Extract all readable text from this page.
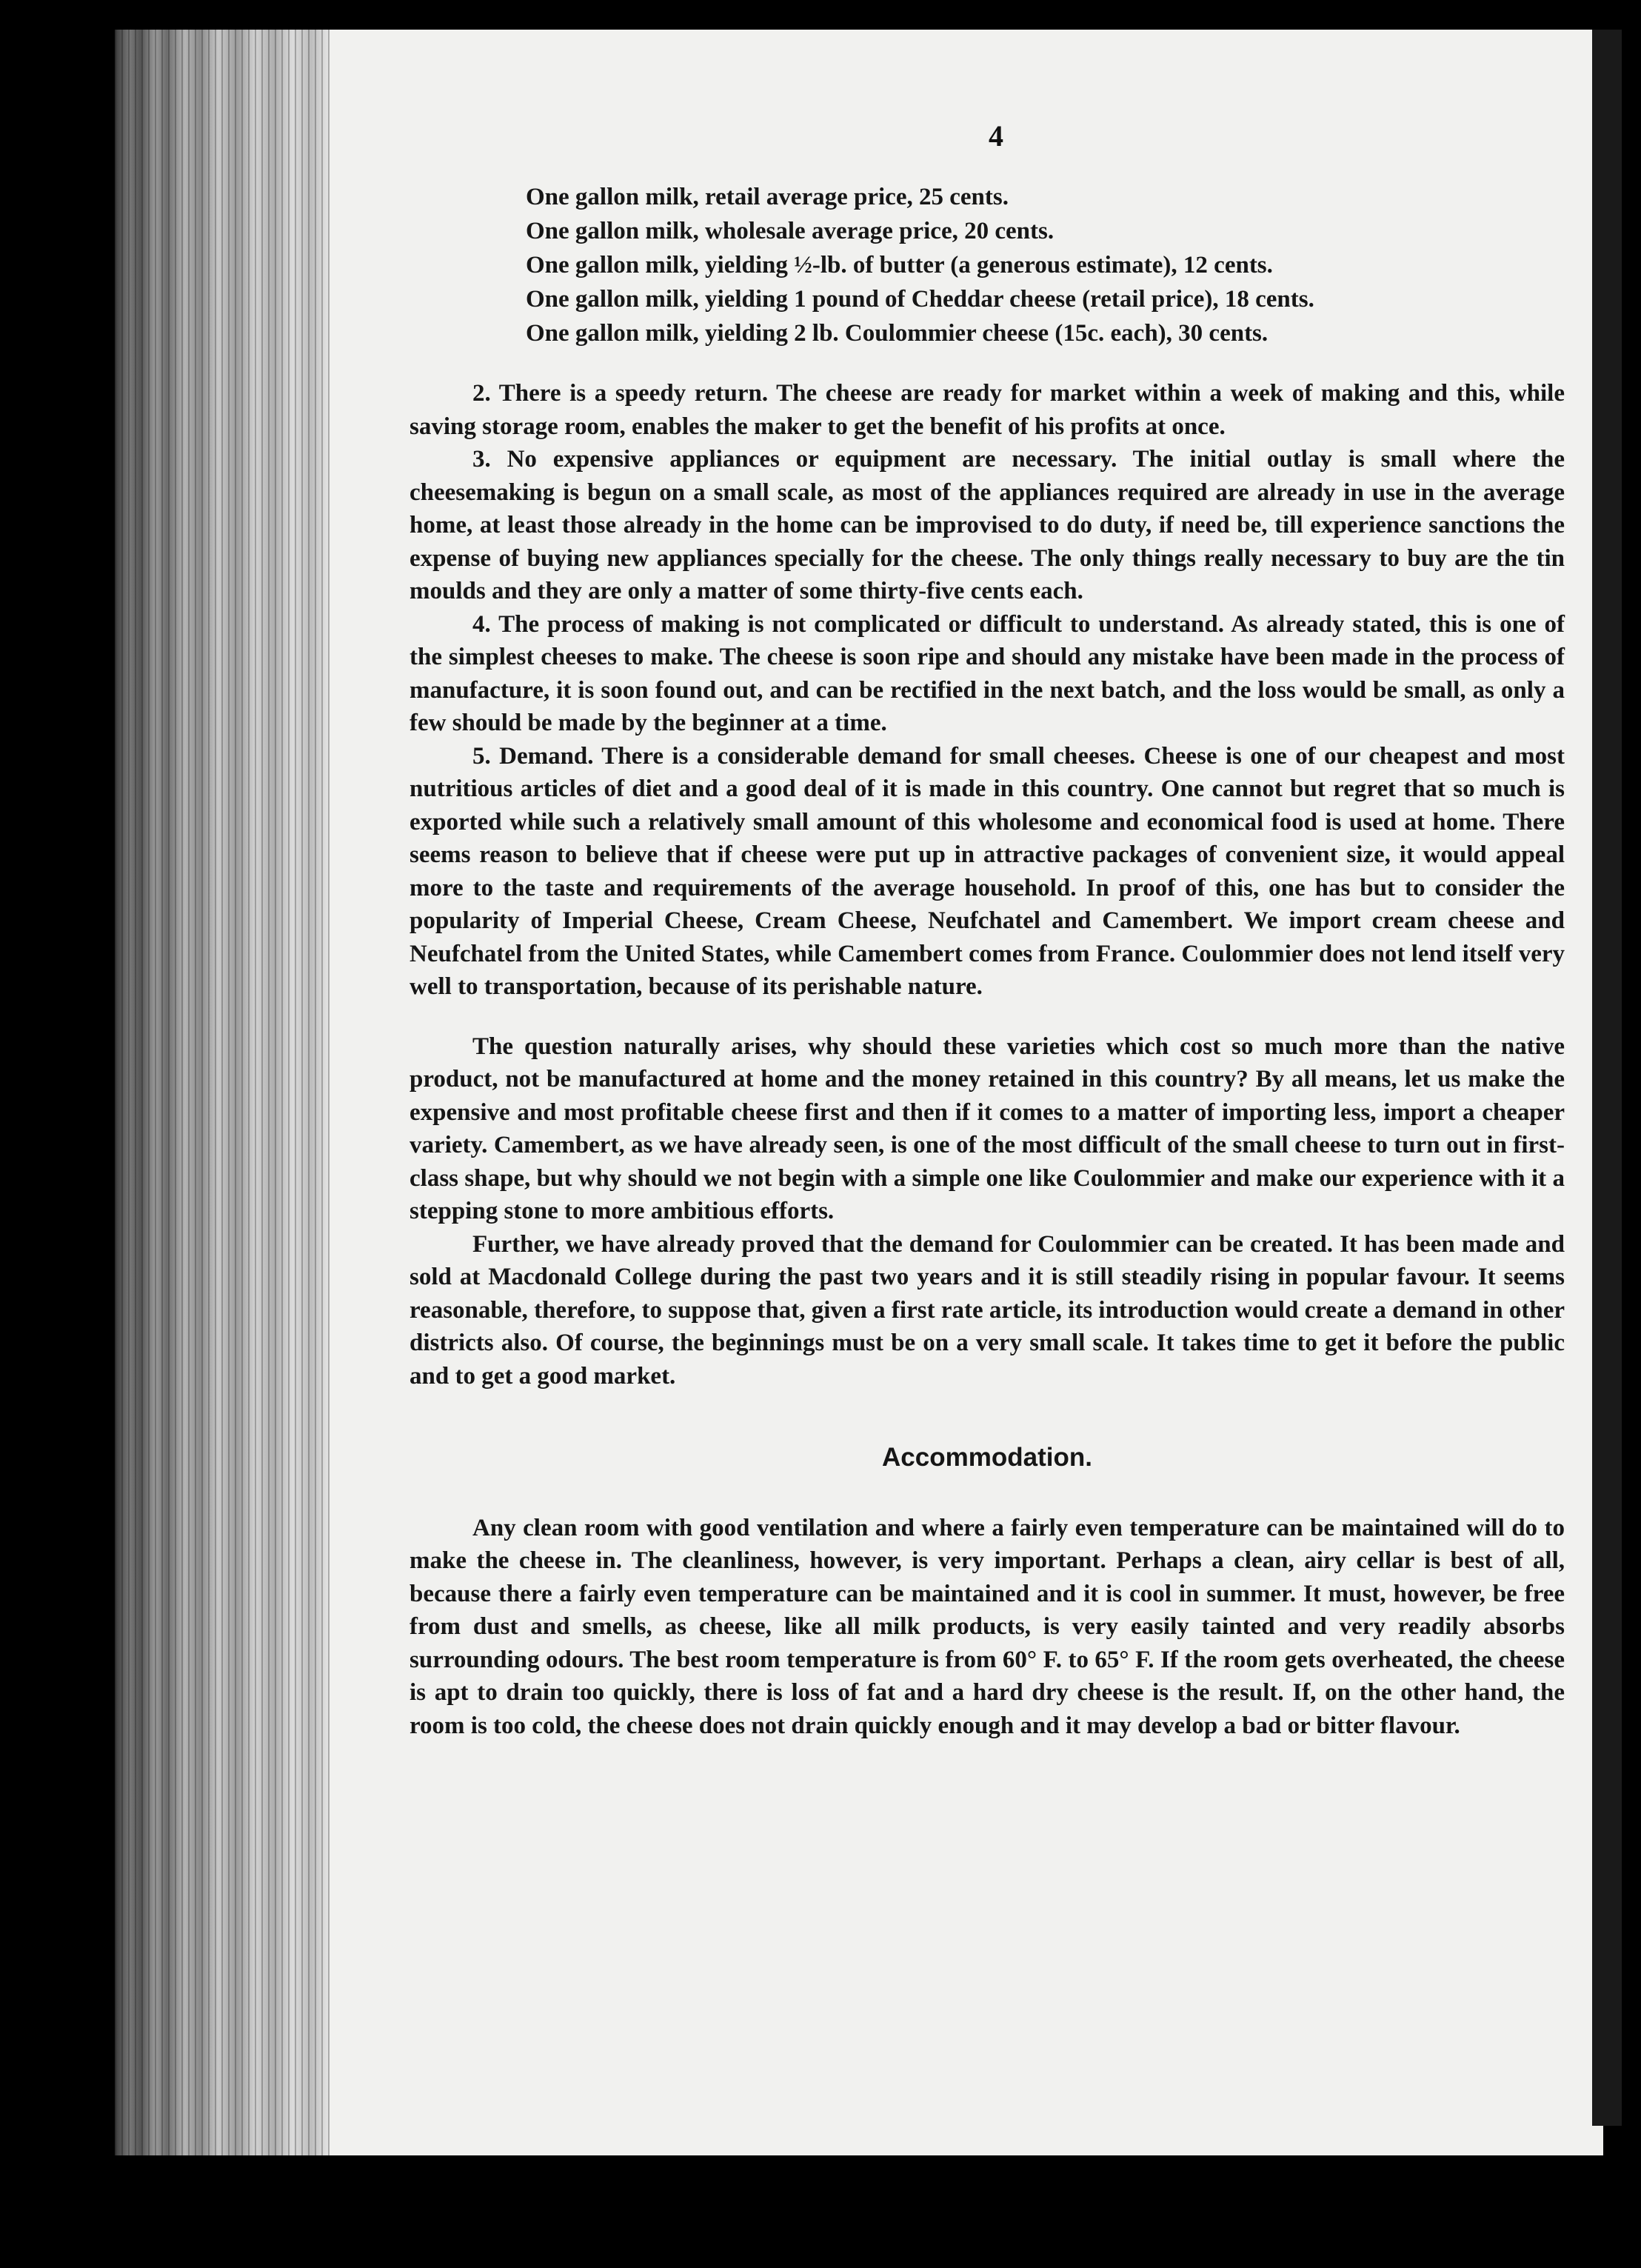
4
One gallon milk, retail average price, 25 cents.
One gallon milk, wholesale average price, 20 cents.
One gallon milk, yielding ½-lb. of butter (a generous estimate), 12 cents.
One gallon milk, yielding 1 pound of Cheddar cheese (retail price), 18 cents.
One gallon milk, yielding 2 lb. Coulommier cheese (15c. each), 30 cents.

2. There is a speedy return. The cheese are ready for market within a week of making and this, while saving storage room, enables the maker to get the benefit of his profits at once.

3. No expensive appliances or equipment are necessary. The initial outlay is small where the cheesemaking is begun on a small scale, as most of the appliances required are already in use in the average home, at least those already in the home can be improvised to do duty, if need be, till experience sanctions the expense of buying new appliances specially for the cheese. The only things really necessary to buy are the tin moulds and they are only a matter of some thirty-five cents each.

4. The process of making is not complicated or difficult to understand. As already stated, this is one of the simplest cheeses to make. The cheese is soon ripe and should any mistake have been made in the process of manufacture, it is soon found out, and can be rectified in the next batch, and the loss would be small, as only a few should be made by the beginner at a time.

5. Demand. There is a considerable demand for small cheeses. Cheese is one of our cheapest and most nutritious articles of diet and a good deal of it is made in this country. One cannot but regret that so much is exported while such a relatively small amount of this wholesome and economical food is used at home. There seems reason to believe that if cheese were put up in attractive packages of convenient size, it would appeal more to the taste and requirements of the average household. In proof of this, one has but to consider the popularity of Imperial Cheese, Cream Cheese, Neufchatel and Camembert. We import cream cheese and Neufchatel from the United States, while Camembert comes from France. Coulommier does not lend itself very well to transportation, because of its perishable nature.

The question naturally arises, why should these varieties which cost so much more than the native product, not be manufactured at home and the money retained in this country? By all means, let us make the expensive and most profitable cheese first and then if it comes to a matter of importing less, import a cheaper variety. Camembert, as we have already seen, is one of the most difficult of the small cheese to turn out in first-class shape, but why should we not begin with a simple one like Coulommier and make our experience with it a stepping stone to more ambitious efforts.

Further, we have already proved that the demand for Coulommier can be created. It has been made and sold at Macdonald College during the past two years and it is still steadily rising in popular favour. It seems reasonable, therefore, to suppose that, given a first rate article, its introduction would create a demand in other districts also. Of course, the beginnings must be on a very small scale. It takes time to get it before the public and to get a good market.

Accommodation.

Any clean room with good ventilation and where a fairly even temperature can be maintained will do to make the cheese in. The cleanliness, however, is very important. Perhaps a clean, airy cellar is best of all, because there a fairly even temperature can be maintained and it is cool in summer. It must, however, be free from dust and smells, as cheese, like all milk products, is very easily tainted and very readily absorbs surrounding odours. The best room temperature is from 60° F. to 65° F. If the room gets overheated, the cheese is apt to drain too quickly, there is loss of fat and a hard dry cheese is the result. If, on the other hand, the room is too cold, the cheese does not drain quickly enough and it may develop a bad or bitter flavour.
